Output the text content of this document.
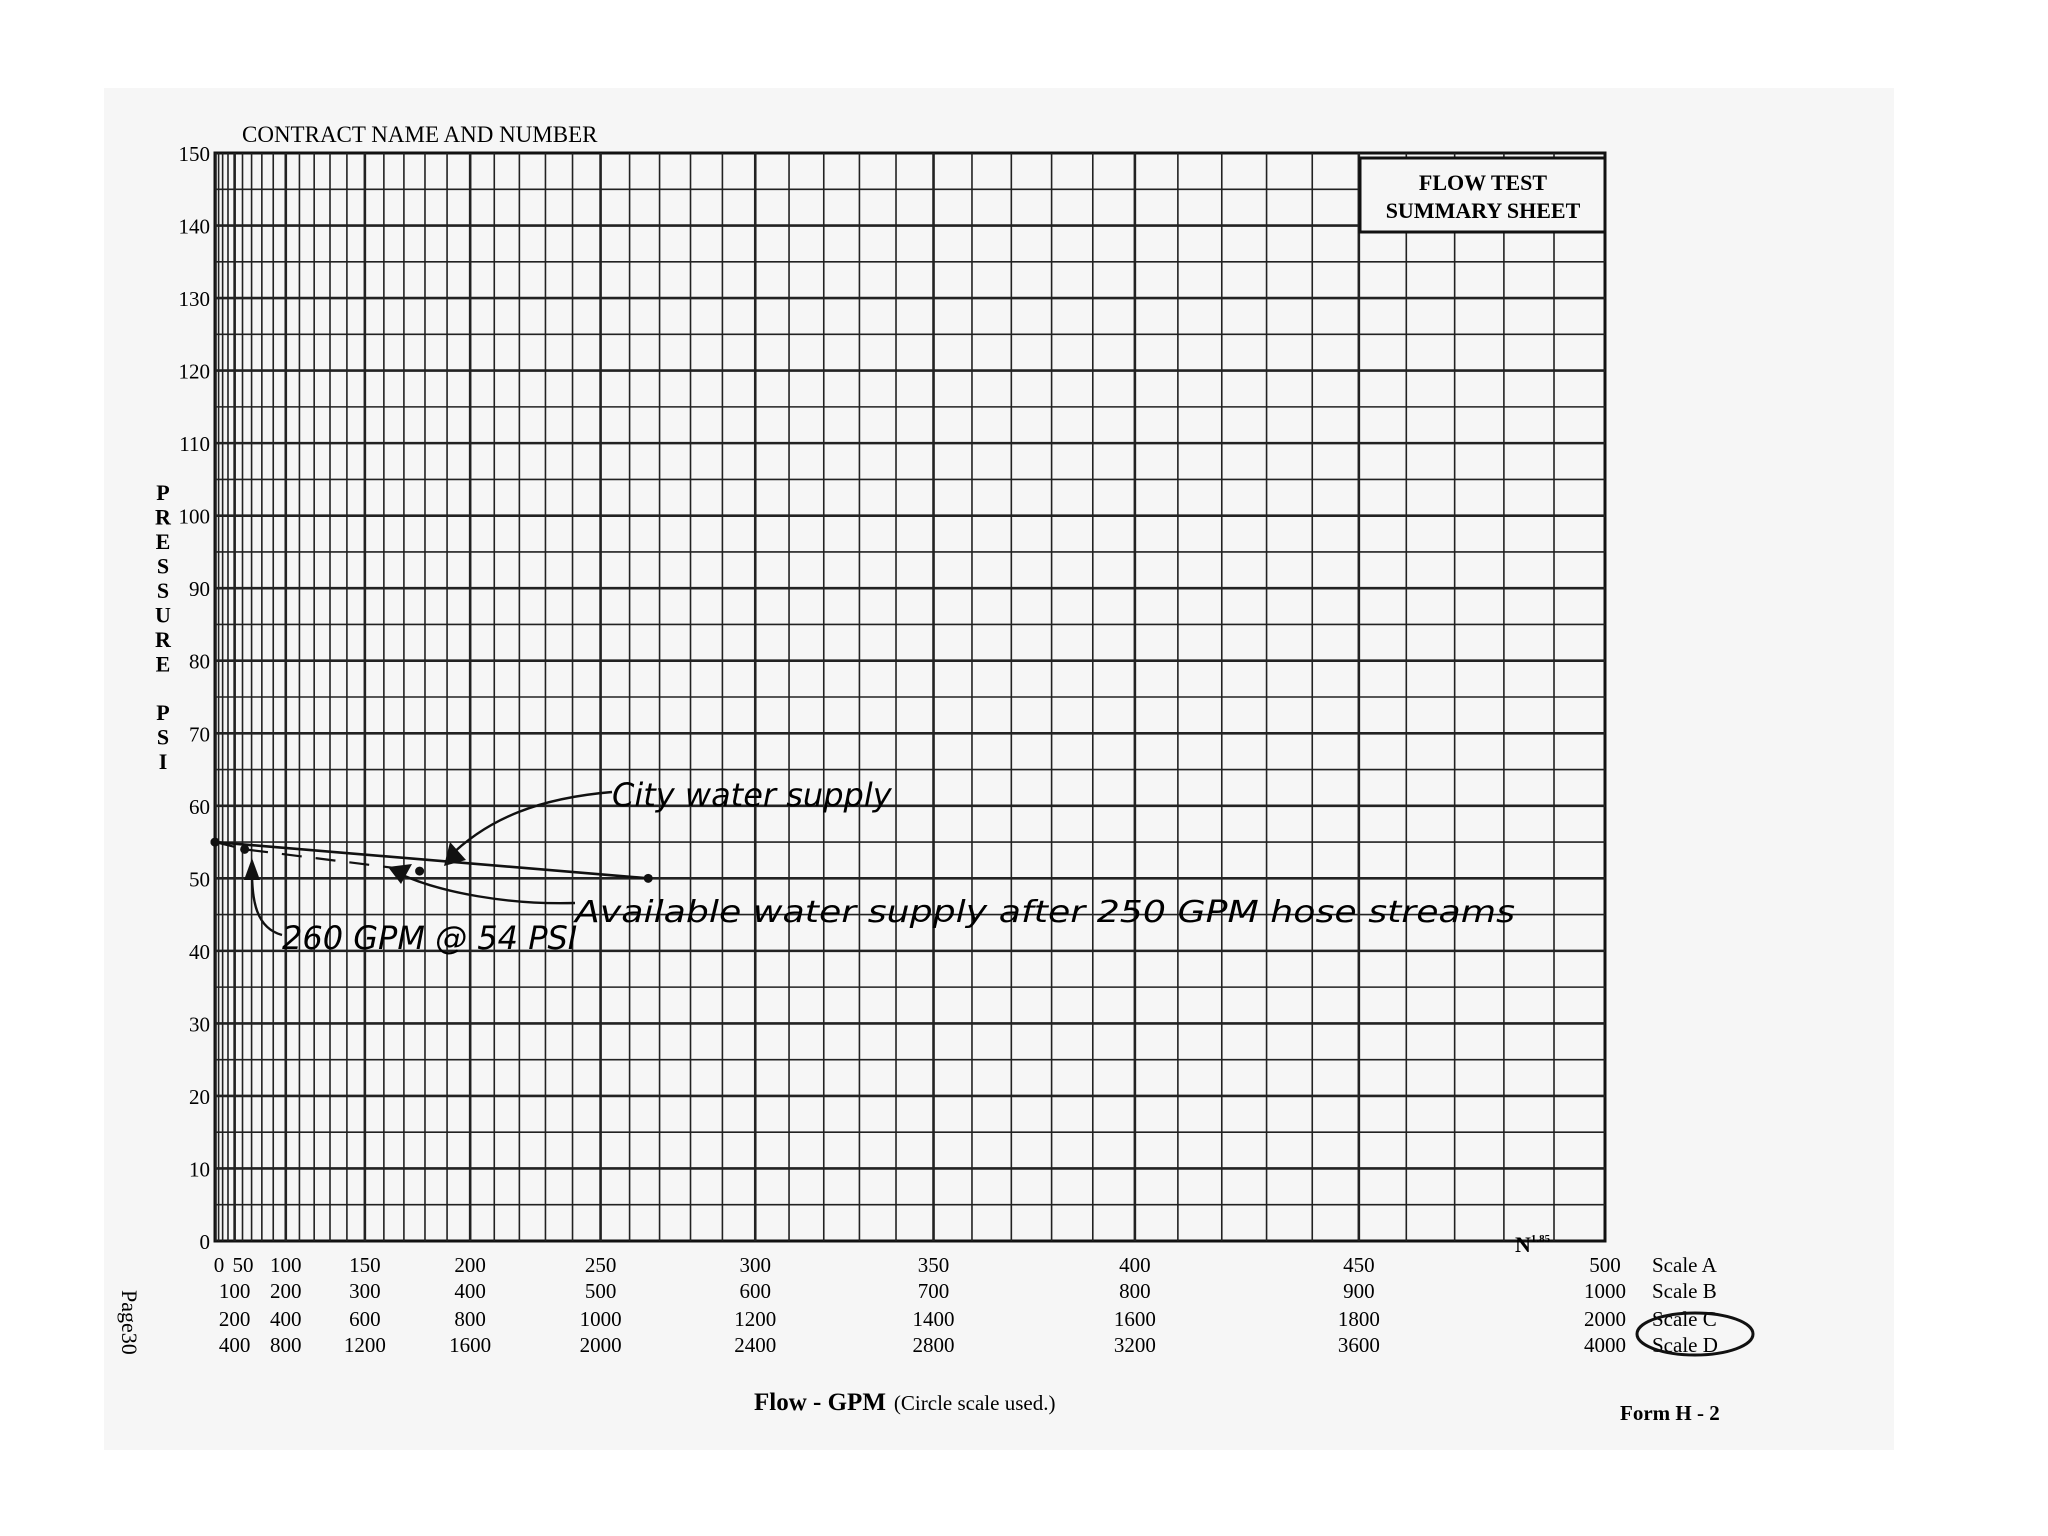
0
10
20
30
40
50
60
70
80
90
100
110
120
130
140
150
0 50 100 150	200	250	300	350	400	450	500 Scale A
100 200 300	400	500	600	700	800	900	1000 Scale B
200 400 600	800	1000	1200	1400	1600	1800	2000 Scale C
400 800 1200	1600	2000	2400	2800	3200	3600	4000 Scale D
City water supply
Available water supply after 250 GPM hose streams
260 GPM @ 54 PSI
CONTRACT NAME AND NUMBER
FLOW TEST
SUMMARY SHEET
$N^{1.85}$
Page30
Flow - GPM (Circle scale used.)	Form H - 2
P R E S S U R E P S I
